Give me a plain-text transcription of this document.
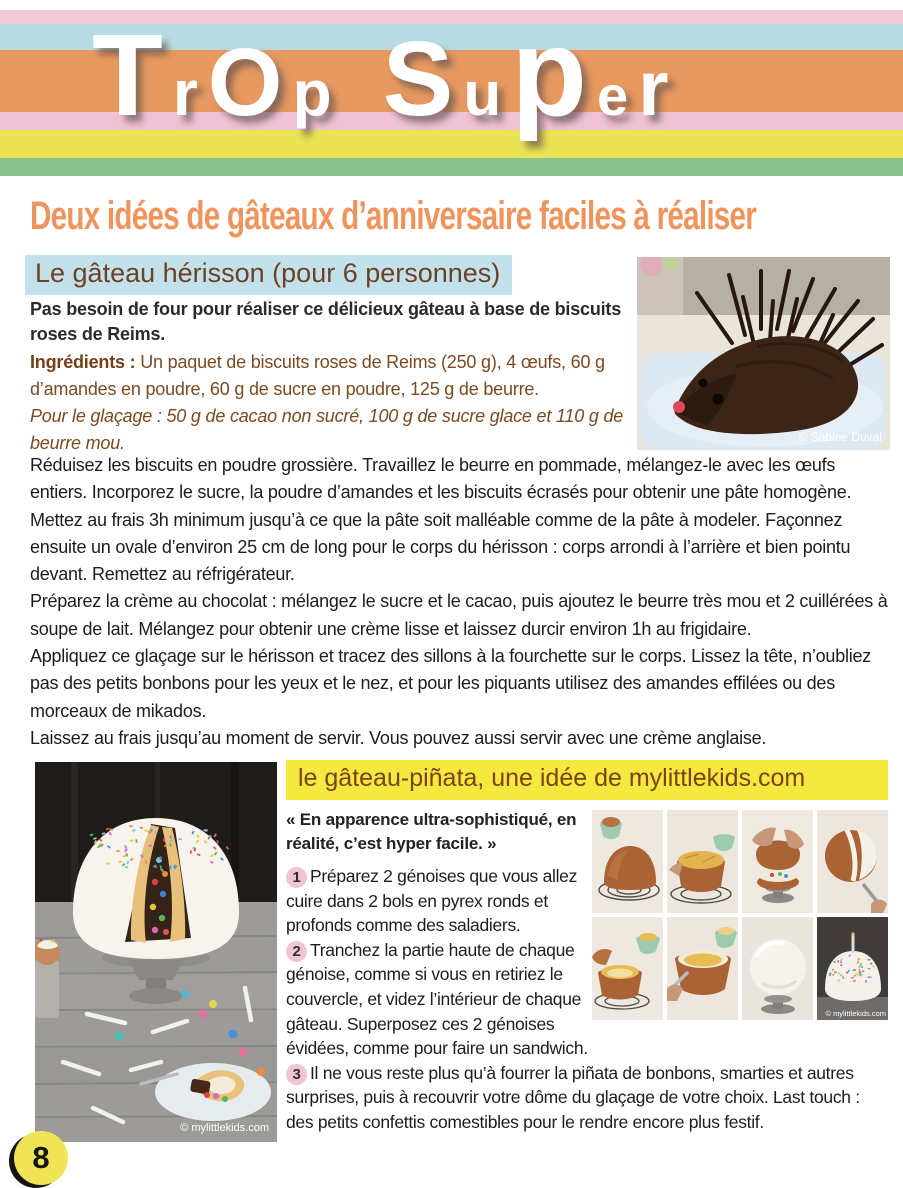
TrOp Super
Deux idées de gâteaux d’anniversaire faciles à réaliser
Le gâteau hérisson (pour 6 personnes)
© Sabine Duval
Pas besoin de four pour réaliser ce délicieux gâteau à base de biscuits roses de Reims.
Ingrédients : Un paquet de biscuits roses de Reims (250 g), 4 œufs, 60 g d’amandes en poudre, 60 g de sucre en poudre, 125 g de beurre.
Pour le glaçage : 50 g de cacao non sucré, 100 g de sucre glace et 110 g de beurre mou.

Réduisez les biscuits en poudre grossière. Travaillez le beurre en pommade, mélangez-le avec les œufs entiers. Incorporez le sucre, la poudre d’amandes et les biscuits écrasés pour obtenir une pâte homogène. Mettez au frais 3h minimum jusqu’à ce que la pâte soit malléable comme de la pâte à modeler. Façonnez ensuite un ovale d’environ 25 cm de long pour le corps du hérisson : corps arrondi à l’arrière et bien pointu devant. Remettez au réfrigérateur.

Préparez la crème au chocolat : mélangez le sucre et le cacao, puis ajoutez le beurre très mou et 2 cuillérées à soupe de lait. Mélangez pour obtenir une crème lisse et laissez durcir environ 1h au frigidaire.

Appliquez ce glaçage sur le hérisson et tracez des sillons à la fourchette sur le corps. Lissez la tête, n’oubliez pas des petits bonbons pour les yeux et le nez, et pour les piquants utilisez des amandes effilées ou des morceaux de mikados.

Laissez au frais jusqu’au moment de servir. Vous pouvez aussi servir avec une crème anglaise.

© mylittlekids.com
le gâteau-piñata, une idée de mylittlekids.com
© mylittlekids.com

« En apparence ultra-sophistiqué, en réalité, c’est hyper facile. »

1 Préparez 2 génoises que vous allez cuire dans 2 bols en pyrex ronds et profonds comme des saladiers.

2 Tranchez la partie haute de chaque génoise, comme si vous en retiriez le couvercle, et videz l’intérieur de chaque gâteau. Superposez ces 2 génoises évidées, comme pour faire un sandwich.

3 Il ne vous reste plus qu’à fourrer la piñata de bonbons, smarties et autres surprises, puis à recouvrir votre dôme du glaçage de votre choix. Last touch : des petits confettis comestibles pour le rendre encore plus festif.

8
